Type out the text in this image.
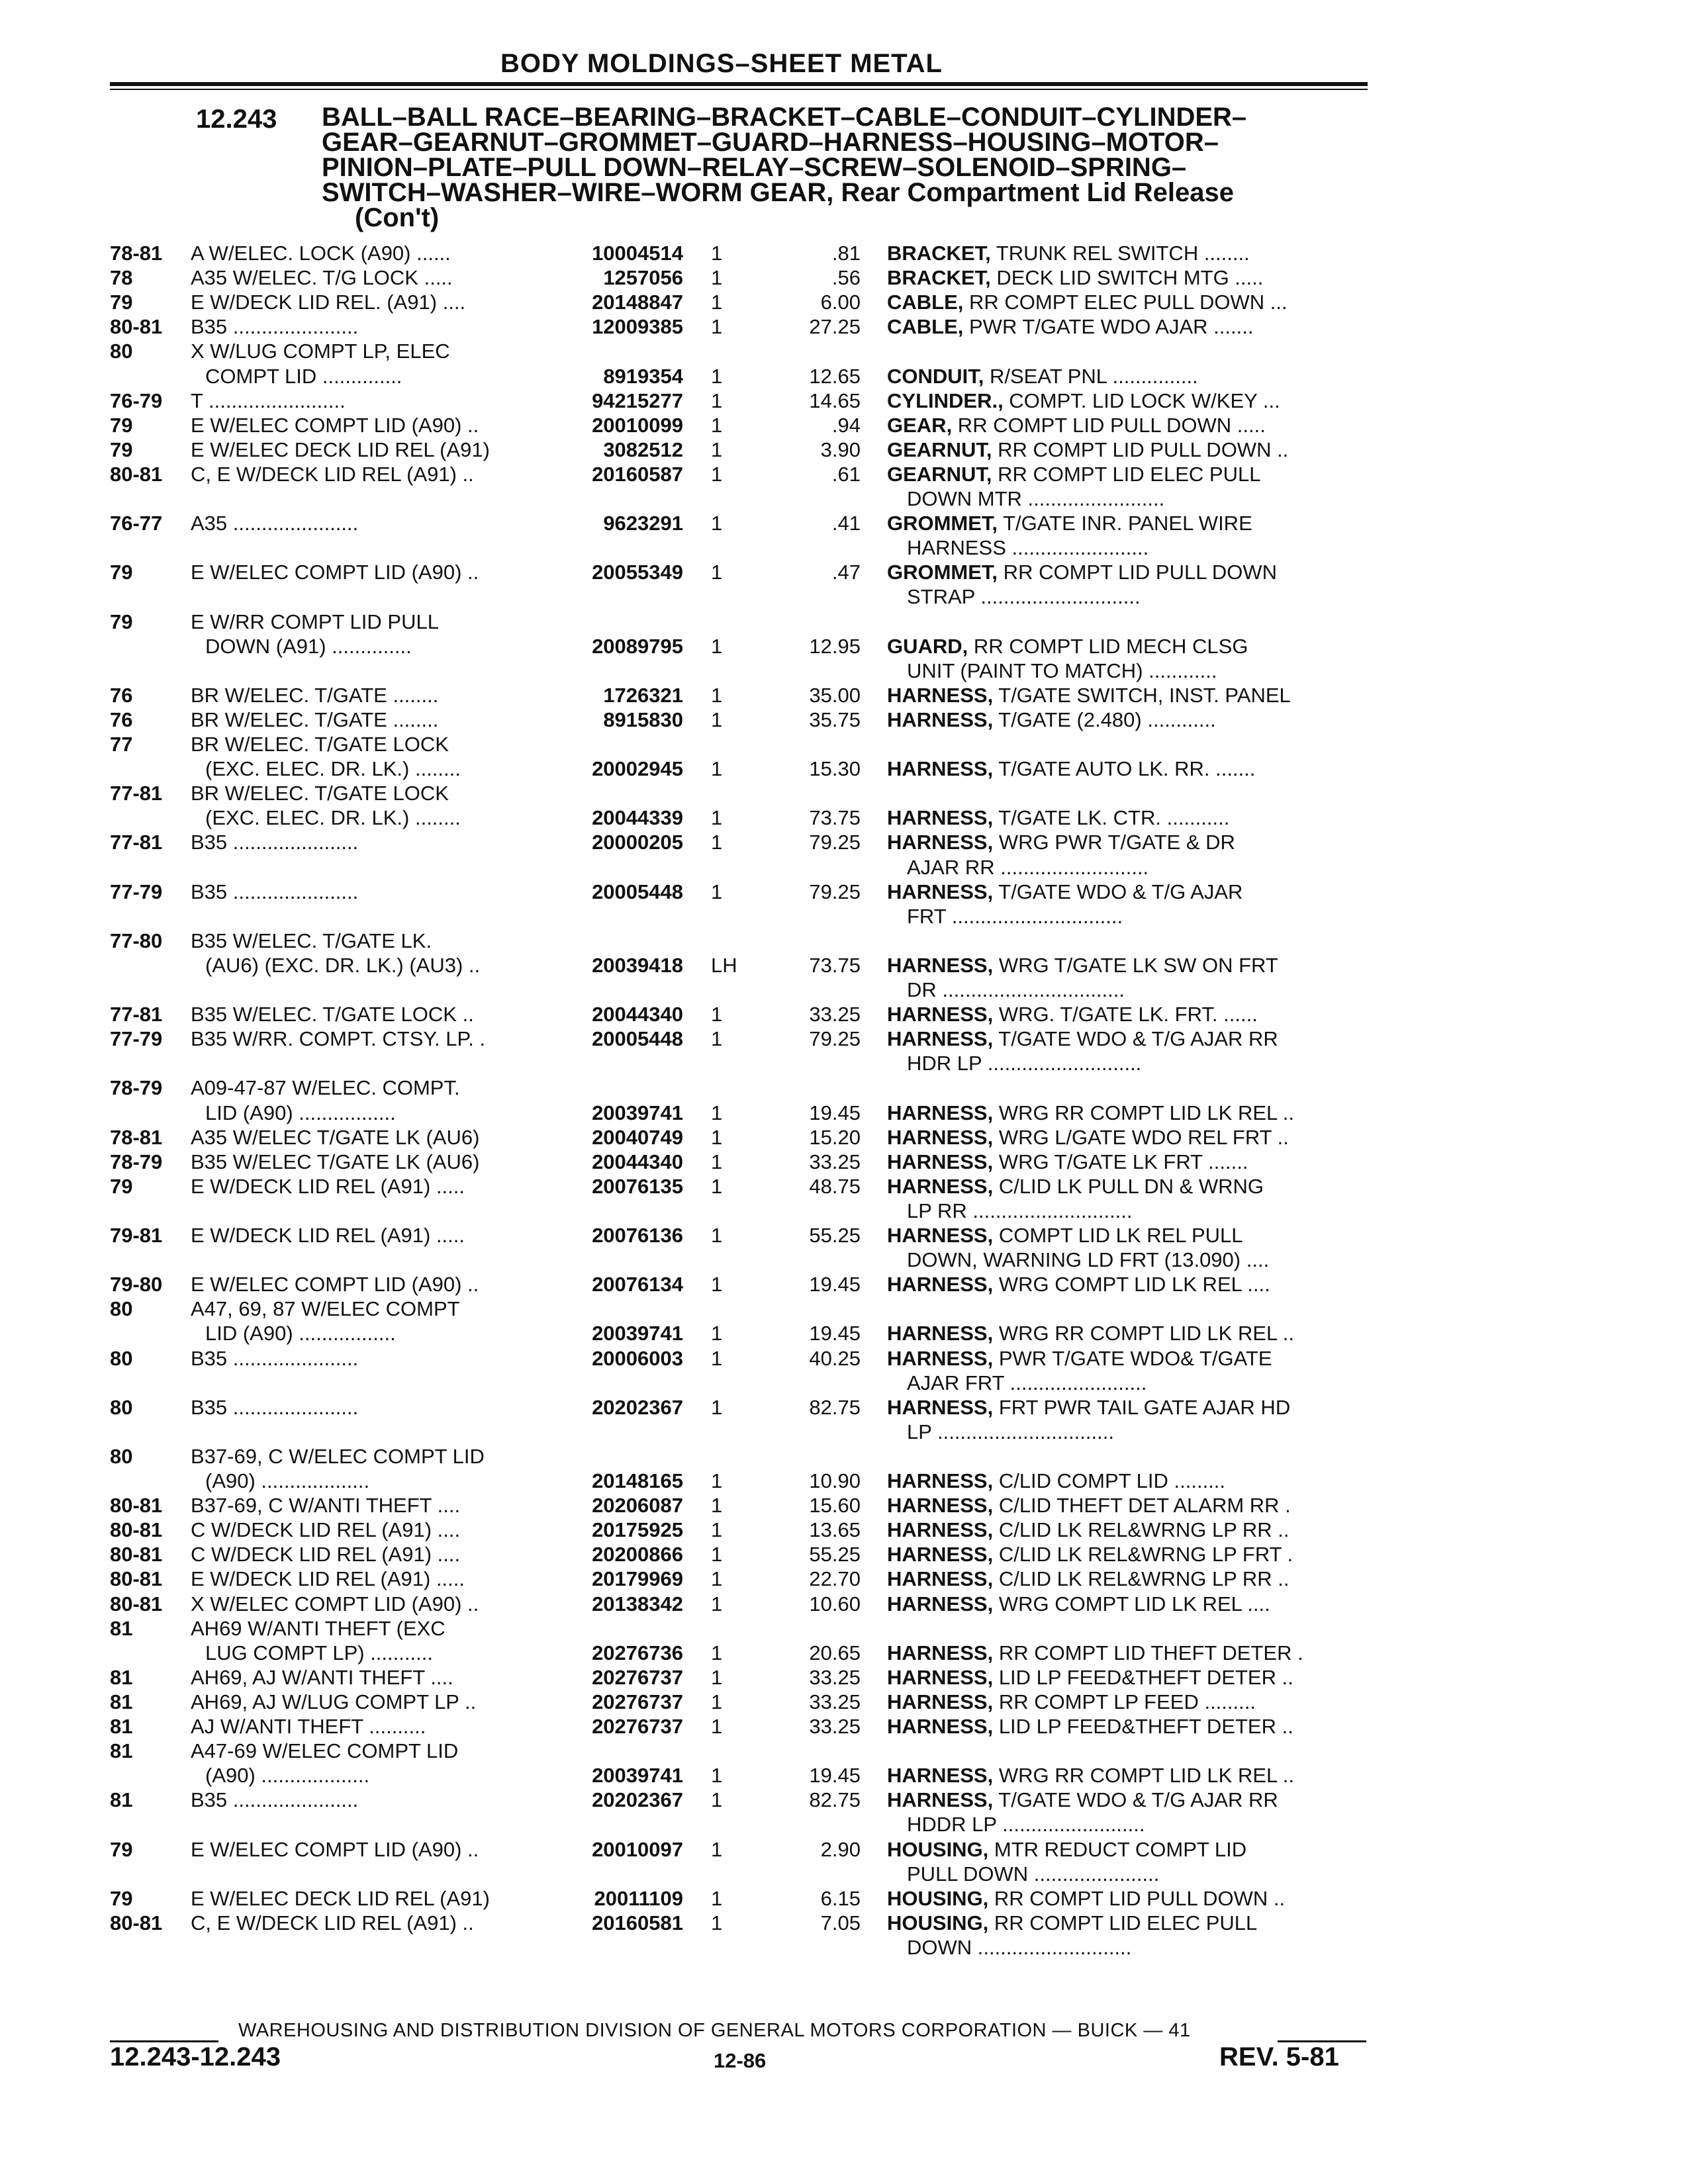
BODY MOLDINGS–SHEET METAL
12.243 BALL–BALL RACE–BEARING–BRACKET–CABLE–CONDUIT–CYLINDER–
GEAR–GEARNUT–GROMMET–GUARD–HARNESS–HOUSING–MOTOR–
PINION–PLATE–PULL DOWN–RELAY–SCREW–SOLENOID–SPRING–
SWITCH–WASHER–WIRE–WORM GEAR, Rear Compartment Lid Release
(Con't)
78-81 A W/ELEC. LOCK (A90) ......	10004514 1	.81 BRACKET, TRUNK REL SWITCH ........
78	A35 W/ELEC. T/G LOCK .....	1257056 1	.56 BRACKET, DECK LID SWITCH MTG .....
79	E W/DECK LID REL. (A91) ....	20148847 1	6.00 CABLE, RR COMPT ELEC PULL DOWN ...
80-81 B35 ......................	12009385 1	27.25 CABLE, PWR T/GATE WDO AJAR .......
80	X W/LUG COMPT LP, ELEC
COMPT LID ..............	8919354 1	12.65 CONDUIT, R/SEAT PNL ...............
76-79 T ........................	94215277 1	14.65 CYLINDER., COMPT. LID LOCK W/KEY ...
79	E W/ELEC COMPT LID (A90) ..	20010099 1	.94 GEAR, RR COMPT LID PULL DOWN .....
79	E W/ELEC DECK LID REL (A91)	3082512 1	3.90 GEARNUT, RR COMPT LID PULL DOWN ..
80-81 C, E W/DECK LID REL (A91) ..	20160587 1	.61 GEARNUT, RR COMPT LID ELEC PULL
DOWN MTR ........................
76-77 A35 ......................	9623291 1	.41 GROMMET, T/GATE INR. PANEL WIRE
HARNESS ........................
79	E W/ELEC COMPT LID (A90) ..	20055349 1	.47 GROMMET, RR COMPT LID PULL DOWN
STRAP ............................
79	E W/RR COMPT LID PULL
DOWN (A91) ..............	20089795 1	12.95 GUARD, RR COMPT LID MECH CLSG
UNIT (PAINT TO MATCH) ............
76	BR W/ELEC. T/GATE ........	1726321 1	35.00 HARNESS, T/GATE SWITCH, INST. PANEL
76	BR W/ELEC. T/GATE ........	8915830 1	35.75 HARNESS, T/GATE (2.480) ............
77	BR W/ELEC. T/GATE LOCK
(EXC. ELEC. DR. LK.) ........	20002945 1	15.30 HARNESS, T/GATE AUTO LK. RR. .......
77-81 BR W/ELEC. T/GATE LOCK
(EXC. ELEC. DR. LK.) ........	20044339 1	73.75 HARNESS, T/GATE LK. CTR. ...........
77-81 B35 ......................	20000205 1	79.25 HARNESS, WRG PWR T/GATE & DR
AJAR RR ..........................
77-79 B35 ......................	20005448 1	79.25 HARNESS, T/GATE WDO & T/G AJAR
FRT ..............................
77-80 B35 W/ELEC. T/GATE LK.
(AU6) (EXC. DR. LK.) (AU3) ..	20039418 LH	73.75 HARNESS, WRG T/GATE LK SW ON FRT
DR ................................
77-81 B35 W/ELEC. T/GATE LOCK ..	20044340 1	33.25 HARNESS, WRG. T/GATE LK. FRT. ......
77-79 B35 W/RR. COMPT. CTSY. LP. .	20005448 1	79.25 HARNESS, T/GATE WDO & T/G AJAR RR
HDR LP ...........................
78-79 A09-47-87 W/ELEC. COMPT.
LID (A90) .................	20039741 1	19.45 HARNESS, WRG RR COMPT LID LK REL ..
78-81 A35 W/ELEC T/GATE LK (AU6)	20040749 1	15.20 HARNESS, WRG L/GATE WDO REL FRT ..
78-79 B35 W/ELEC T/GATE LK (AU6)	20044340 1	33.25 HARNESS, WRG T/GATE LK FRT .......
79	E W/DECK LID REL (A91) .....	20076135 1	48.75 HARNESS, C/LID LK PULL DN & WRNG
LP RR ............................
79-81 E W/DECK LID REL (A91) .....	20076136 1	55.25 HARNESS, COMPT LID LK REL PULL
DOWN, WARNING LD FRT (13.090) ....
79-80 E W/ELEC COMPT LID (A90) ..	20076134 1	19.45 HARNESS, WRG COMPT LID LK REL ....
80	A47, 69, 87 W/ELEC COMPT
LID (A90) .................	20039741 1	19.45 HARNESS, WRG RR COMPT LID LK REL ..
80	B35 ......................	20006003 1	40.25 HARNESS, PWR T/GATE WDO& T/GATE
AJAR FRT ........................
80	B35 ......................	20202367 1	82.75 HARNESS, FRT PWR TAIL GATE AJAR HD
LP ...............................
80	B37-69, C W/ELEC COMPT LID
(A90) ...................	20148165 1	10.90 HARNESS, C/LID COMPT LID .........
80-81 B37-69, C W/ANTI THEFT ....	20206087 1	15.60 HARNESS, C/LID THEFT DET ALARM RR .
80-81 C W/DECK LID REL (A91) ....	20175925 1	13.65 HARNESS, C/LID LK REL&WRNG LP RR ..
80-81 C W/DECK LID REL (A91) ....	20200866 1	55.25 HARNESS, C/LID LK REL&WRNG LP FRT .
80-81 E W/DECK LID REL (A91) .....	20179969 1	22.70 HARNESS, C/LID LK REL&WRNG LP RR ..
80-81 X W/ELEC COMPT LID (A90) ..	20138342 1	10.60 HARNESS, WRG COMPT LID LK REL ....
81	AH69 W/ANTI THEFT (EXC
LUG COMPT LP) ...........	20276736 1	20.65 HARNESS, RR COMPT LID THEFT DETER .
81	AH69, AJ W/ANTI THEFT ....	20276737 1	33.25 HARNESS, LID LP FEED&THEFT DETER ..
81	AH69, AJ W/LUG COMPT LP ..	20276737 1	33.25 HARNESS, RR COMPT LP FEED .........
81	AJ W/ANTI THEFT ..........	20276737 1	33.25 HARNESS, LID LP FEED&THEFT DETER ..
81	A47-69 W/ELEC COMPT LID
(A90) ...................	20039741 1	19.45 HARNESS, WRG RR COMPT LID LK REL ..
81	B35 ......................	20202367 1	82.75 HARNESS, T/GATE WDO & T/G AJAR RR
HDDR LP .........................
79	E W/ELEC COMPT LID (A90) ..	20010097 1	2.90 HOUSING, MTR REDUCT COMPT LID
PULL DOWN ......................
79	E W/ELEC DECK LID REL (A91)	20011109 1	6.15 HOUSING, RR COMPT LID PULL DOWN ..
80-81 C, E W/DECK LID REL (A91) ..	20160581 1	7.05 HOUSING, RR COMPT LID ELEC PULL
DOWN ...........................
WAREHOUSING AND DISTRIBUTION DIVISION OF GENERAL MOTORS CORPORATION — BUICK — 41
12.243-12.243	12-86	REV. 5-81
